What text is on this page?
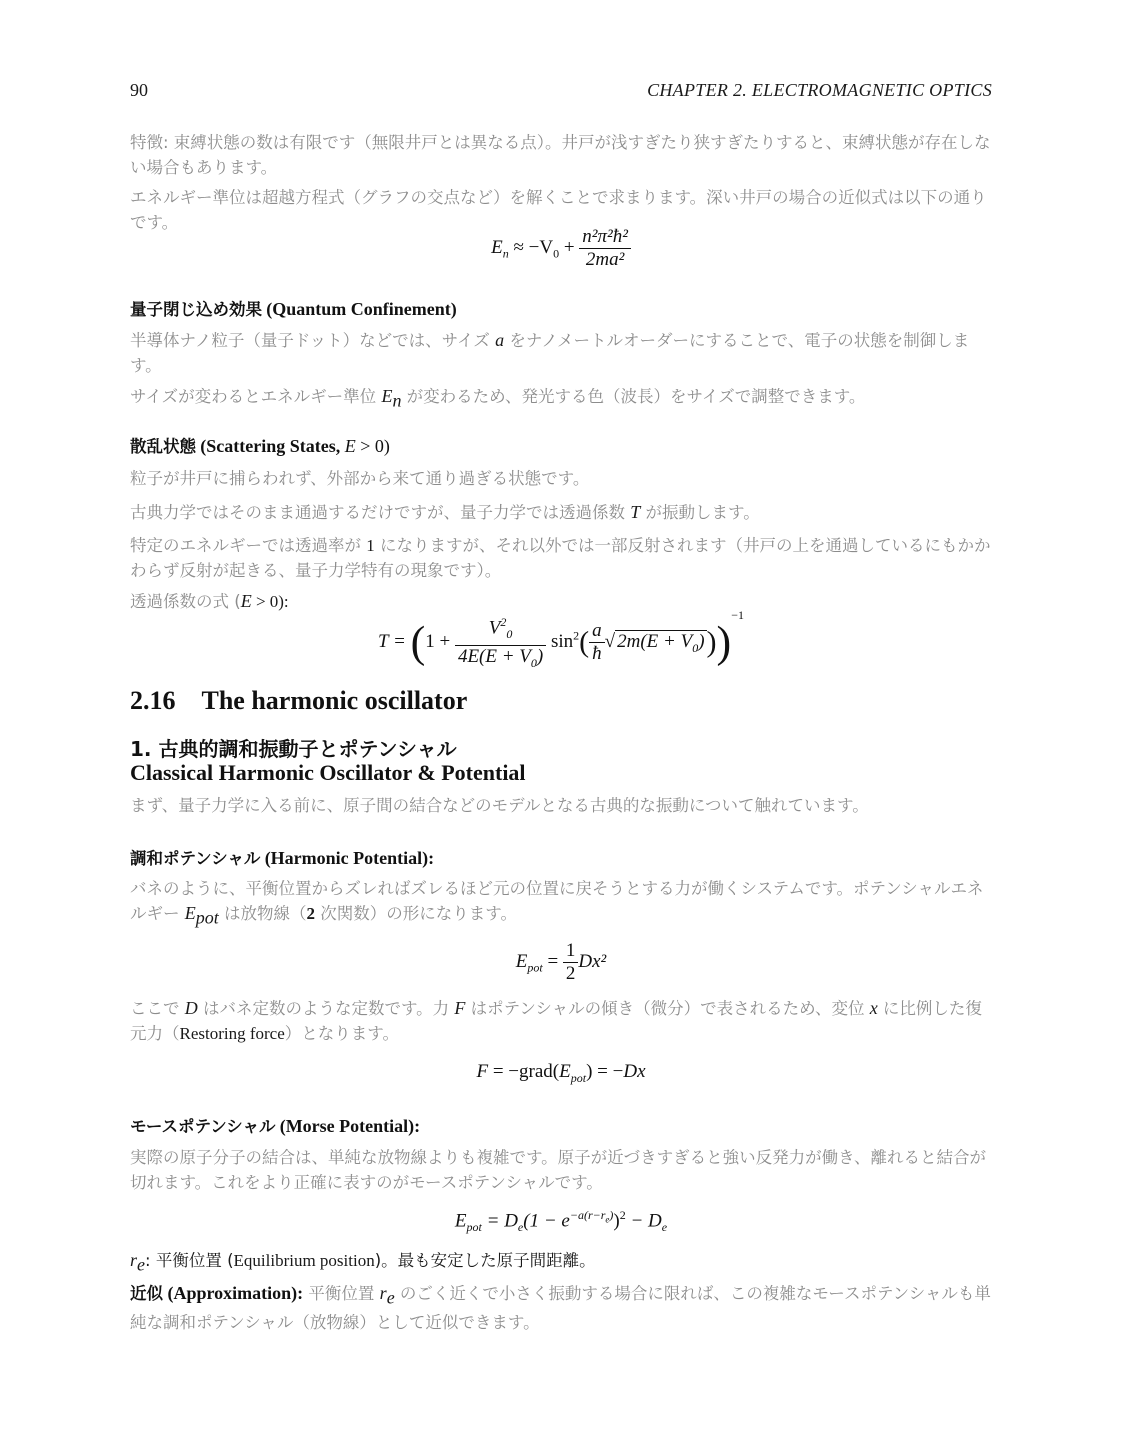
90	CHAPTER 2. ELECTROMAGNETIC OPTICS
特徴: 束縛状態の数は有限です（無限井戸とは異なる点）。井戸が浅すぎたり狭すぎたりすると、束縛状態が存在しない場合もあります。
エネルギー準位は超越方程式（グラフの交点など）を解くことで求まります。深い井戸の場合の近似式は以下の通りです。
$E_n \approx -V_0 + \frac{\text{n²π²ħ²}}{\text{2ma²}}$
量子閉じ込め効果 (Quantum Confinement)
半導体ナノ粒子（量子ドット）などでは、サイズ a をナノメートルオーダーにすることで、電子の状態を制御します。
サイズが変わるとエネルギー準位 $E_n$ が変わるため、発光する色（波長）をサイズで調整できます。
散乱状態 (Scattering States, E > 0)
粒子が井戸に捕らわれず、外部から来て通り過ぎる状態です。
古典力学ではそのまま通過するだけですが、量子力学では透過係数 T が振動します。
特定のエネルギーでは透過率が 1 になりますが、それ以外では一部反射されます（井戸の上を通過しているにもかかわらず反射が起きる、量子力学特有の現象です）。
透過係数の式 (E > 0):
$T = (1 + \frac{V^2_0}{4E(E + V_0)} \sin^2( \frac{a}{ħ}$ √ $2m(E + V_0)))^{-1}$
2.16 The harmonic oscillator
1. 古典的調和振動子とポテンシャル
Classical Harmonic Oscillator & Potential
まず、量子力学に入る前に、原子間の結合などのモデルとなる古典的な振動について触れています。
調和ポテンシャル (Harmonic Potential):
バネのように、平衡位置からズレればズレるほど元の位置に戻そうとする力が働くシステムです。ポテンシャルエネルギー $E_{pot}$ は放物線（2 次関数）の形になります。
$E_{pot} = \frac{1}{2} Dx^2$
ここで D はバネ定数のような定数です。力 F はポテンシャルの傾き（微分）で表されるため、変位 x に比例した復元力（Restoring force）となります。
$F = -grad(E_{pot}) = -Dx$
モースポテンシャル (Morse Potential):
実際の原子分子の結合は、単純な放物線よりも複雑です。原子が近づきすぎると強い反発力が働き、離れると結合が切れます。これをより正確に表すのがモースポテンシャルです。
$E_{pot} = D_e(1 - e^{-a(r-r_e)})^2 - D_e$
$r_e$: 平衡位置 (Equilibrium position)。最も安定した原子間距離。
近似 (Approximation): 平衡位置 $r_e$ のごく近くで小さく振動する場合に限れば、この複雑なモースポテンシャルも単純な調和ポテンシャル（放物線）として近似できます。
